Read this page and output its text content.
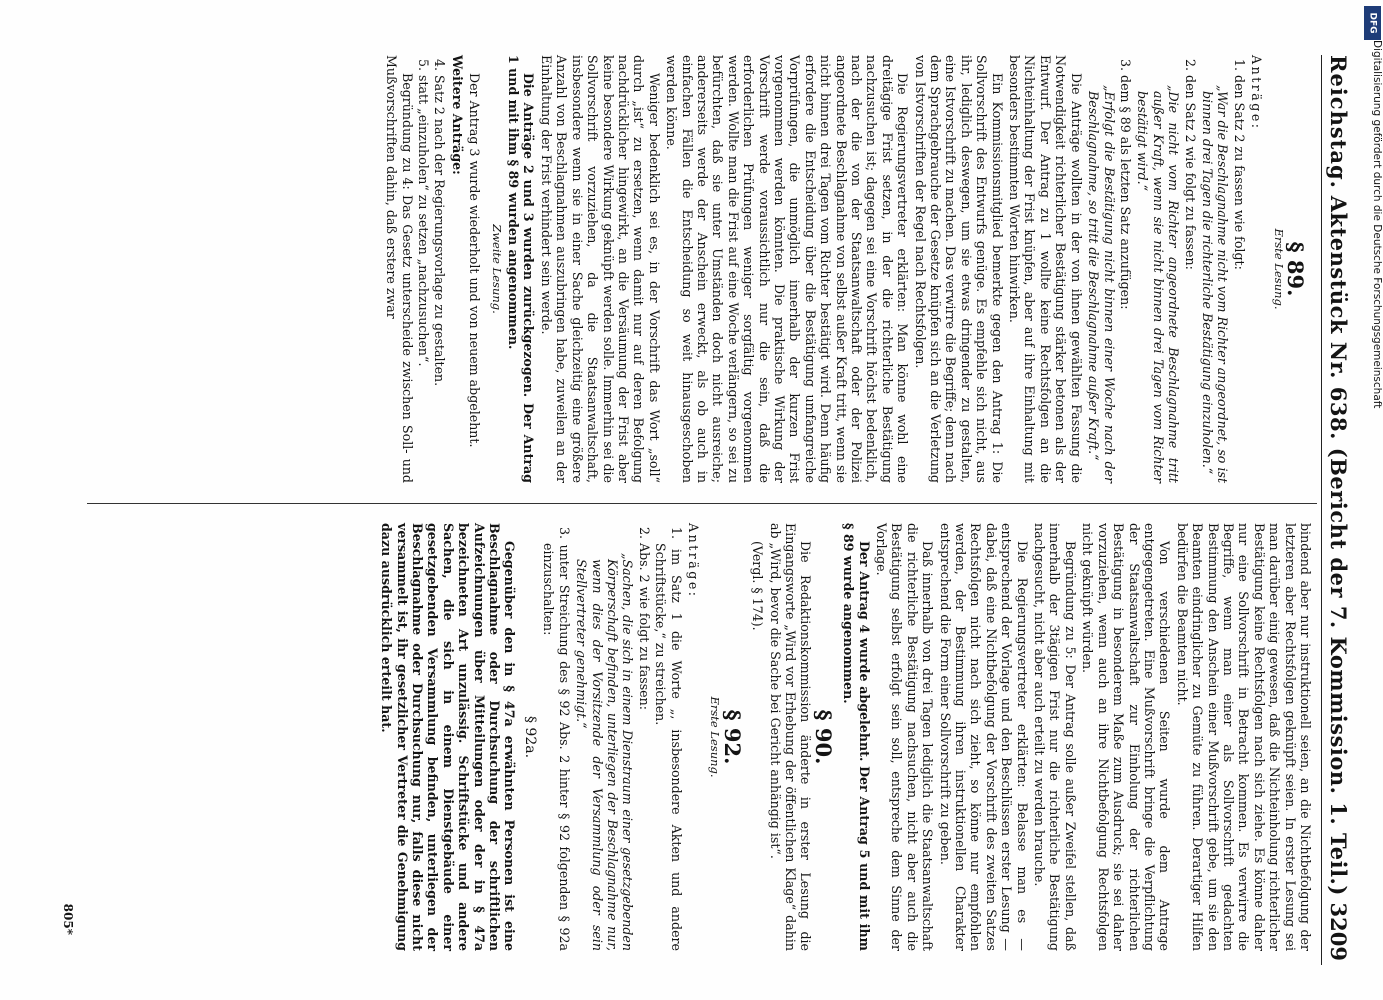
Reichstag.
Aktenstück Nr. 638. (Bericht der 7. Kommission. 1. Teil.)
3209
§ 89.
Erste Lesung.

Anträge:

1. den Satz 2 zu fassen wie folgt:

„War die Beschlagnahme nicht vom Richter angeordnet, so ist binnen drei Tagen die richterliche Bestätigung einzuholen.“

2. den Satz 2 wie folgt zu fassen:

„Die nicht vom Richter angeordnete Beschlagnahme tritt außer Kraft, wenn sie nicht binnen drei Tagen vom Richter bestätigt wird.“

3. dem § 89 als letzten Satz anzufügen:

„Erfolgt die Bestätigung nicht binnen einer Woche nach der Beschlagnahme, so tritt die Beschlagnahme außer Kraft.“

Die Anträge wollten in der von ihnen gewählten Fassung die Notwendigkeit richterlicher Bestätigung stärker betonen als der Entwurf. Der Antrag zu 1 wollte keine Rechtsfolgen an die Nichteinhaltung der Frist knüpfen, aber auf ihre Einhaltung mit besonders bestimmten Worten hinwirken.

Ein Kommissionsmitglied bemerkte gegen den Antrag 1: Die Sollvorschrift des Entwurfs genüge. Es empfehle sich nicht, aus ihr, lediglich deswegen, um sie etwas dringender zu gestalten, eine Istvorschrift zu machen. Das verwirre die Begriffe; denn nach dem Sprachgebrauche der Gesetze knüpfen sich an die Verletzung von Istvorschriften der Regel nach Rechtsfolgen.

Die Regierungsvertreter erklärten: Man könne wohl eine dreitägige Frist setzen, in der die richterliche Bestätigung nachzusuchen ist; dagegen sei eine Vorschrift höchst bedenklich, nach der die von der Staatsanwaltschaft oder der Polizei angeordnete Beschlagnahme von selbst außer Kraft tritt, wenn sie nicht binnen drei Tagen vom Richter bestätigt wird. Denn häufig erfordere die Entscheidung über die Bestätigung umfangreiche Vorprüfungen, die unmöglich innerhalb der kurzen Frist vorgenommen werden könnten. Die praktische Wirkung der Vorschrift werde voraussichtlich nur die sein, daß die erforderlichen Prüfungen weniger sorgfältig vorgenommen werden. Wollte man die Frist auf eine Woche verlängern, so sei zu befürchten, daß sie unter Umständen doch nicht ausreiche; andererseits werde der Anschein erweckt, als ob auch in einfachen Fällen die Entscheidung so weit hinausgeschoben werden könne.

Weniger bedenklich sei es, in der Vorschrift das Wort „soll“ durch „ist“ zu ersetzen, wenn damit nur auf deren Befolgung nachdrücklicher hingewirkt, an die Versäumung der Frist aber keine besondere Wirkung geknüpft werden solle. Immerhin sei die Sollvorschrift vorzuziehen, da die Staatsanwaltschaft, insbesondere wenn sie in einer Sache gleichzeitig eine größere Anzahl von Beschlagnahmen auszubringen habe, zuweilen an der Einhaltung der Frist verhindert sein werde.

Die Anträge 2 und 3 wurden zurückgezogen. Der Antrag 1 und mit ihm § 89 wurden angenommen.

Zweite Lesung.

Der Antrag 3 wurde wiederholt und von neuem abgelehnt.

Weitere Anträge:

4. Satz 2 nach der Regierungsvorlage zu gestalten.

5. statt „einzuholen“ zu setzen „nachzusuchen“.

Begründung zu 4: Das Gesetz unterscheide zwischen Soll- und Mußvorschriften dahin, daß erstere zwar

bindend aber nur instruktionell seien, an die Nichtbefolgung der letzteren aber Rechtsfolgen geknüpft seien. In erster Lesung sei man darüber einig gewesen, daß die Nichteinholung richterlicher Bestätigung keine Rechtsfolgen nach sich ziehe. Es könne daher nur eine Sollvorschrift in Betracht kommen. Es verwirre die Begriffe, wenn man einer als Sollvorschrift gedachten Bestimmung den Anschein einer Mußvorschrift gebe, um sie den Beamten eindringlicher zu Gemüte zu führen. Derartiger Hilfen bedürfen die Beamten nicht.

Von verschiedenen Seiten wurde dem Antrage entgegengetreten. Eine Mußvorschrift bringe die Verpflichtung der Staatsanwaltschaft zur Einholung der richterlichen Bestätigung in besonderem Maße zum Ausdruck; sie sei daher vorzuziehen, wenn auch an ihre Nichtbefolgung Rechtsfolgen nicht geknüpft würden.

Begründung zu 5: Der Antrag solle außer Zweifel stellen, daß innerhalb der 3tägigen Frist nur die richterliche Bestätigung nachgesucht, nicht aber auch erteilt zu werden brauche.

Die Regierungsvertreter erklärten: Belasse man es — entsprechend der Vorlage und den Beschlüssen erster Lesung — dabei, daß eine Nichtbefolgung der Vorschrift des zweiten Satzes Rechtsfolgen nicht nach sich zieht, so könne nur empfohlen werden, der Bestimmung ihren instruktionellen Charakter entsprechend die Form einer Sollvorschrift zu geben.

Daß innerhalb von drei Tagen lediglich die Staatsanwaltschaft die richterliche Bestätigung nachsuchen, nicht aber auch die Bestätigung selbst erfolgt sein soll, entspreche dem Sinne der Vorlage.

Der Antrag 4 wurde abgelehnt. Der Antrag 5 und mit ihm § 89 wurde angenommen.

§ 90.

Die Redaktionskommission änderte in erster Lesung die Eingangsworte „Wird vor Erhebung der öffentlichen Klage“ dahin ab „Wird, bevor die Sache bei Gericht anhängig ist“.

(Vergl. § 174).

§ 92.
Erste Lesung.

Anträge:

1. im Satz 1 die Worte „, insbesondere Akten und andere Schriftstücke,“ zu streichen.

2. Abs. 2 wie folgt zu fassen:

„Sachen, die sich in einem Dienstraum einer gesetzgebenden Körperschaft befinden, unterliegen der Beschlagnahme nur, wenn dies der Vorsitzende der Versammlung oder sein Stellvertreter genehmigt.“

3. unter Streichung des § 92 Abs. 2 hinter § 92 folgenden § 92a einzuschalten:

§ 92a.

Gegenüber den in § 47a erwähnten Personen ist eine Beschlagnahme oder Durchsuchung der schriftlichen Aufzeichnungen über Mitteilungen oder der in § 47a bezeichneten Art unzulässig. Schriftstücke und andere Sachen, die sich in einem Dienstgebäude einer gesetzgebenden Versammlung befinden, unterliegen der Beschlagnahme oder Durchsuchung nur, falls diese nicht versammelt ist, ihr gesetzlicher Vertreter die Genehmigung dazu ausdrücklich erteilt hat.

805*
DFG
Digitalisierung gefördert durch die Deutsche Forschungsgemeinschaft
